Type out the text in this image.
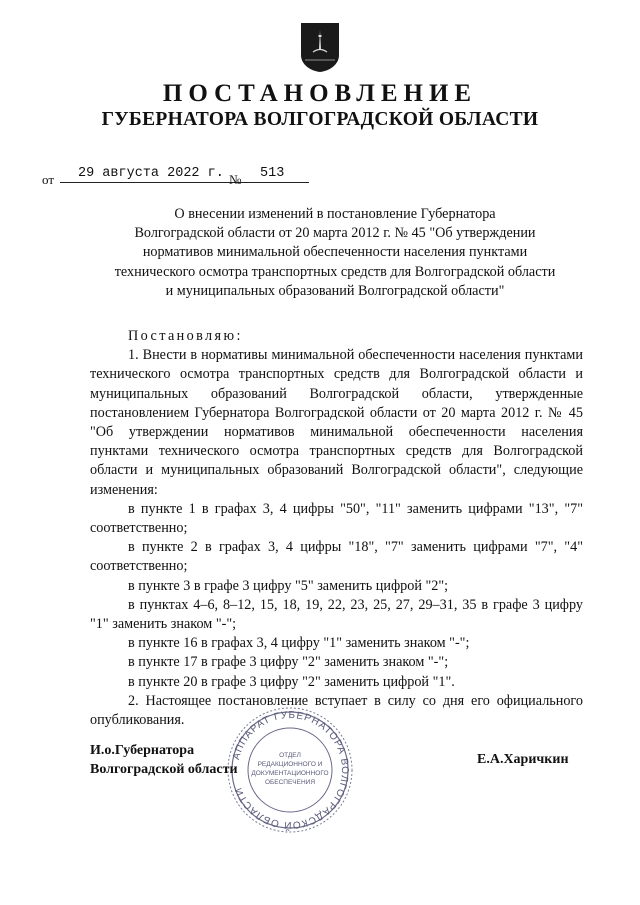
ПОСТАНОВЛЕНИЕ
ГУБЕРНАТОРА ВОЛГОГРАДСКОЙ ОБЛАСТИ
от 29 августа 2022 г. № 513
О внесении изменений в постановление Губернатора
Волгоградской области от 20 марта 2012 г. № 45 "Об утверждении
нормативов минимальной обеспеченности населения пунктами
технического осмотра транспортных средств для Волгоградской области
и муниципальных образований Волгоградской области"

Постановляю:

1. Внести в нормативы минимальной обеспеченности населения пунктами технического осмотра транспортных средств для Волгоградской области и муниципальных образований Волгоградской области, утвержденные постановлением Губернатора Волгоградской области от 20 марта 2012 г. № 45 "Об утверждении нормативов минимальной обеспеченности населения пунктами технического осмотра транспортных средств для Волгоградской области и муниципальных образований Волгоградской области", следующие изменения:

в пункте 1 в графах 3, 4 цифры "50", "11" заменить цифрами "13", "7" соответственно;

в пункте 2 в графах 3, 4 цифры "18", "7" заменить цифрами "7", "4" соответственно;

в пункте 3 в графе 3 цифру "5" заменить цифрой "2";

в пунктах 4–6, 8–12, 15, 18, 19, 22, 23, 25, 27, 29–31, 35 в графе 3 цифру "1" заменить знаком "-";

в пункте 16 в графах 3, 4 цифру "1" заменить знаком "-";

в пункте 17 в графе 3 цифру "2" заменить знаком "-";

в пункте 20 в графе 3 цифру "2" заменить цифрой "1".

2. Настоящее постановление вступает в силу со дня его официального опубликования.

АППАРАТ ГУБЕРНАТОРА ВОЛГОГРАДСКОЙ ОБЛАСТИ
ОТДЕЛ
РЕДАКЦИОННОГО И
ДОКУМЕНТАЦИОННОГО
ОБЕСПЕЧЕНИЯ
И.о.Губернатора
Волгоградской области
Е.А.Харичкин
